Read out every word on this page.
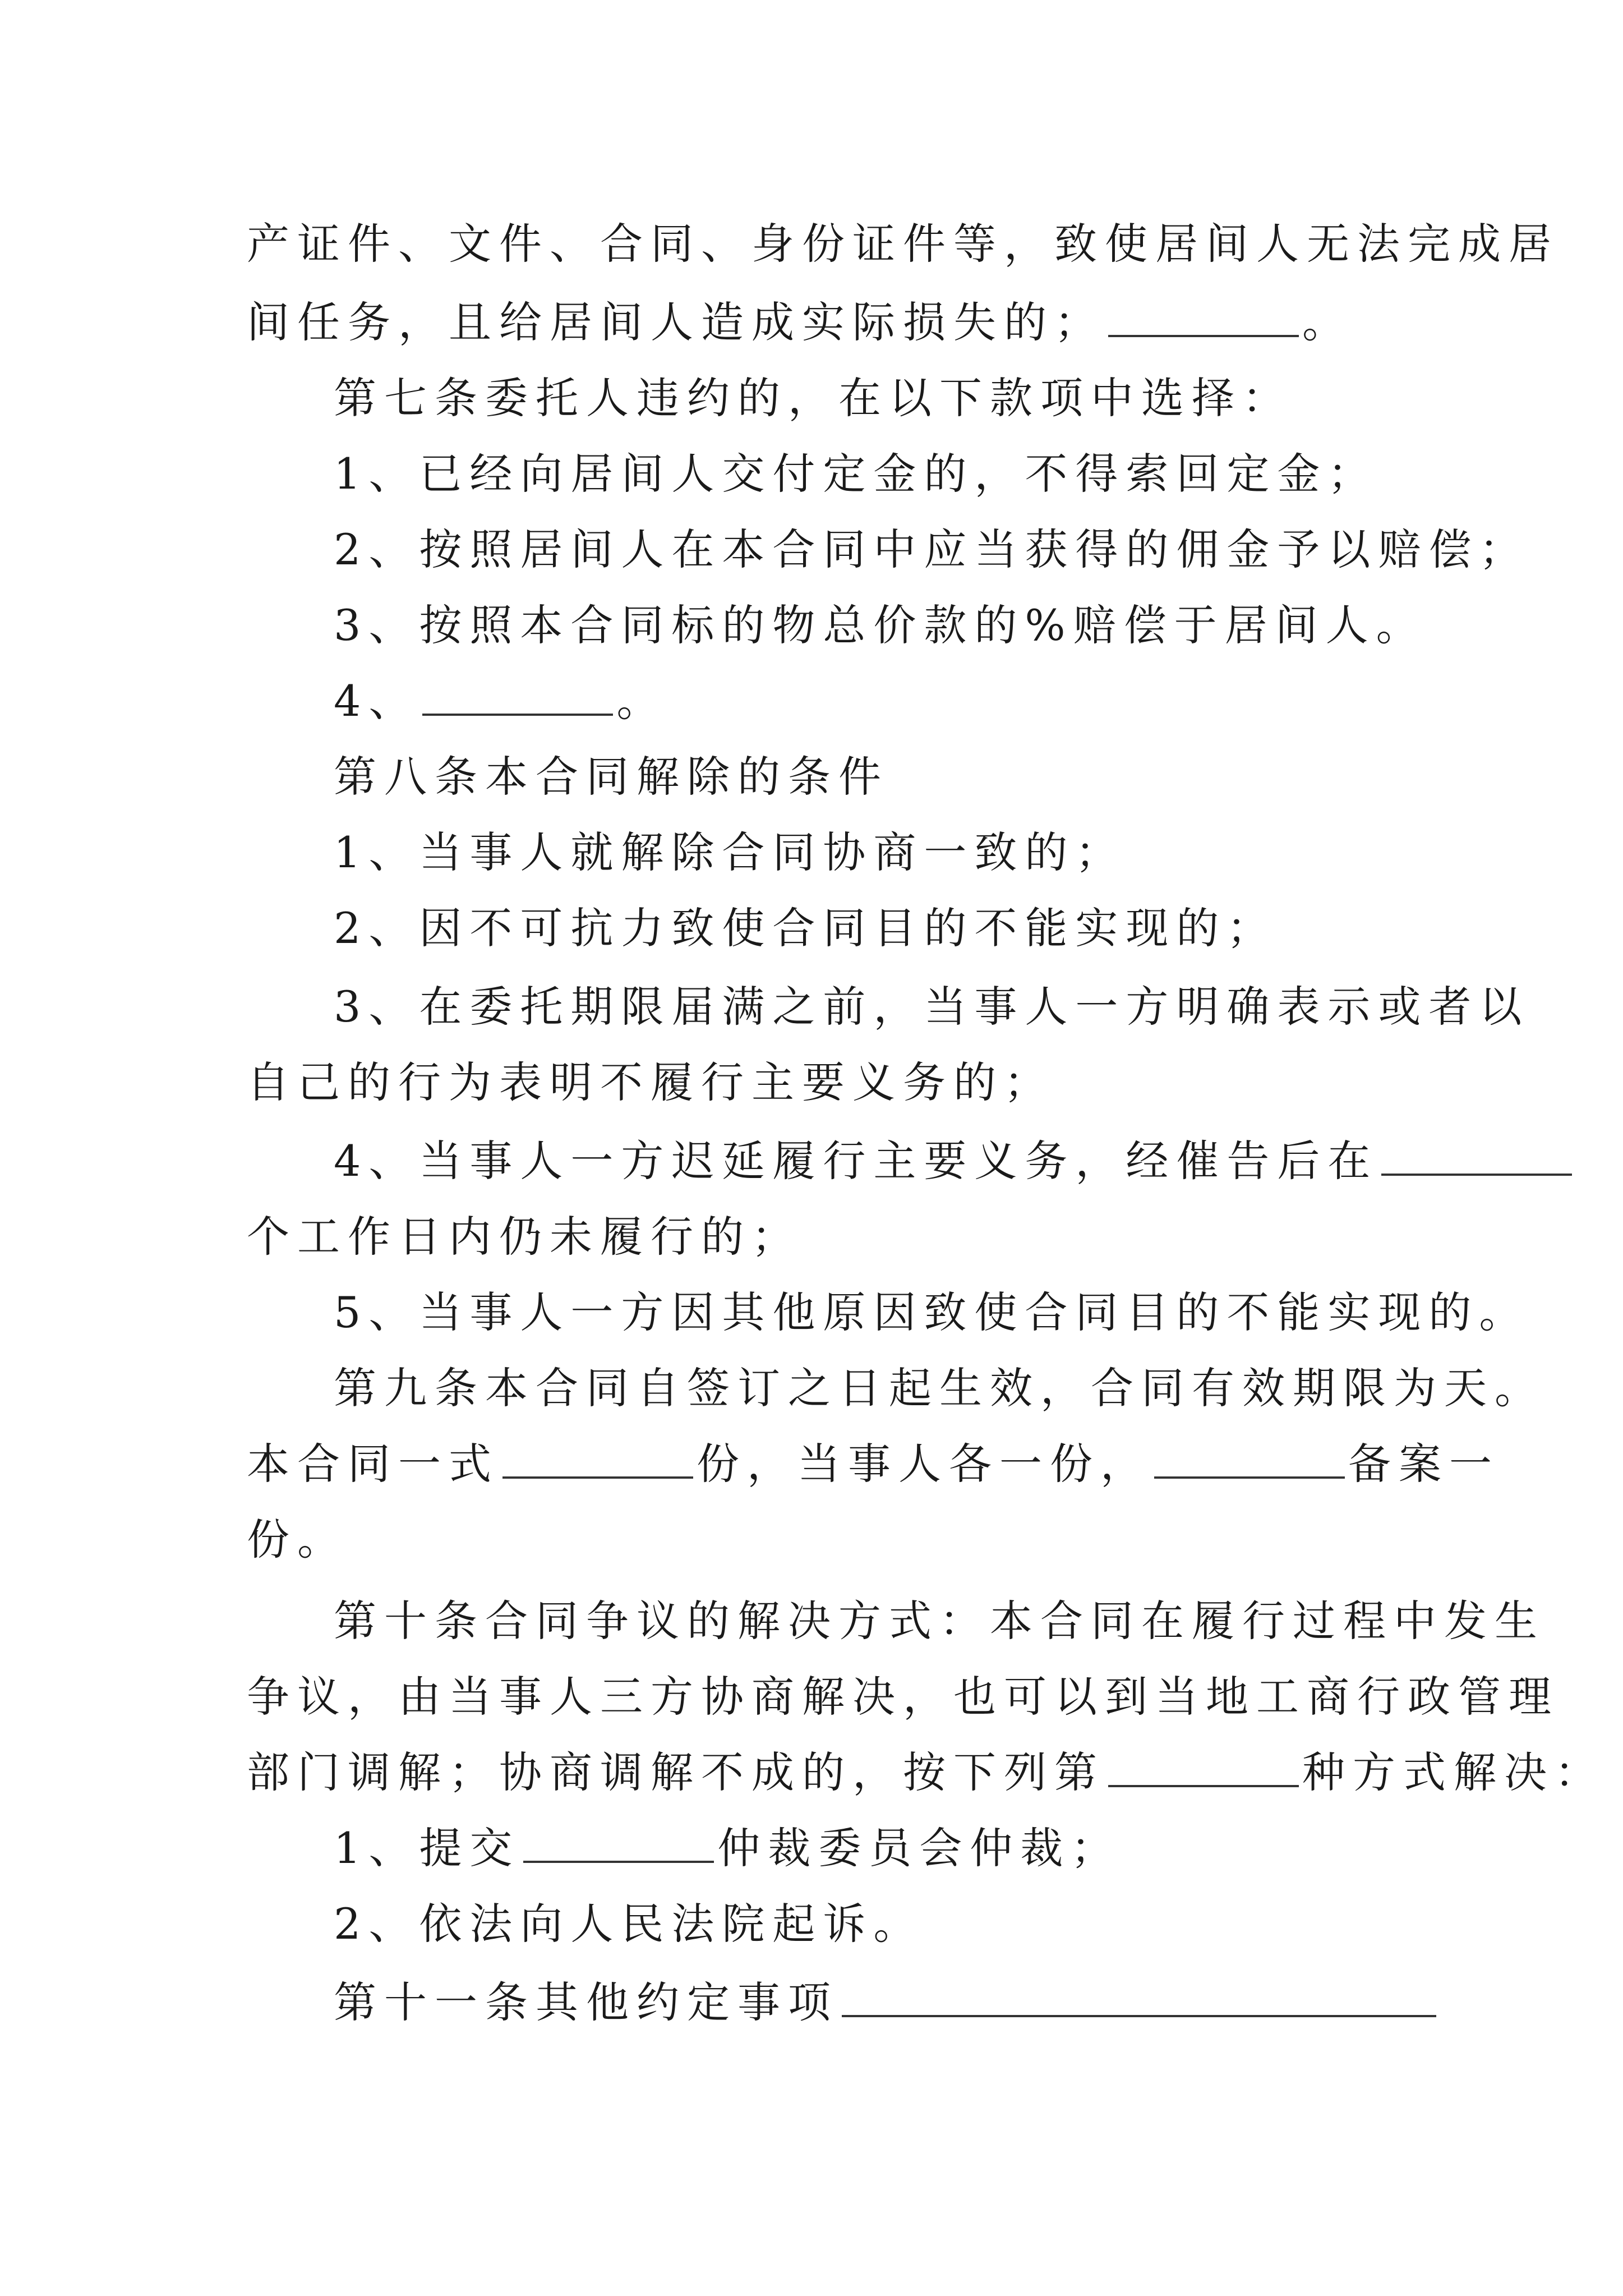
产证件、文件、合同、身份证件等，致使居间人无法完成居
间任务，且给居间人造成实际损失的；	。
第七条委托人违约的，在以下款项中选择：
1、已经向居间人交付定金的，不得索回定金；
2、按照居间人在本合同中应当获得的佣金予以赔偿；
3、按照本合同标的物总价款的%赔偿于居间人。
4、	。
第八条本合同解除的条件
1、当事人就解除合同协商一致的；
2、因不可抗力致使合同目的不能实现的；
3、在委托期限届满之前，当事人一方明确表示或者以
自己的行为表明不履行主要义务的；
4、当事人一方迟延履行主要义务，经催告后在
个工作日内仍未履行的；
5、当事人一方因其他原因致使合同目的不能实现的。
第九条本合同自签订之日起生效，合同有效期限为天。
本合同一式	份，当事人各一份，	备案一
份。
第十条合同争议的解决方式：本合同在履行过程中发生
争议，由当事人三方协商解决，也可以到当地工商行政管理
部门调解；协商调解不成的，按下列第	种方式解决：
1、提交	仲裁委员会仲裁；
2、依法向人民法院起诉。
第十一条其他约定事项
